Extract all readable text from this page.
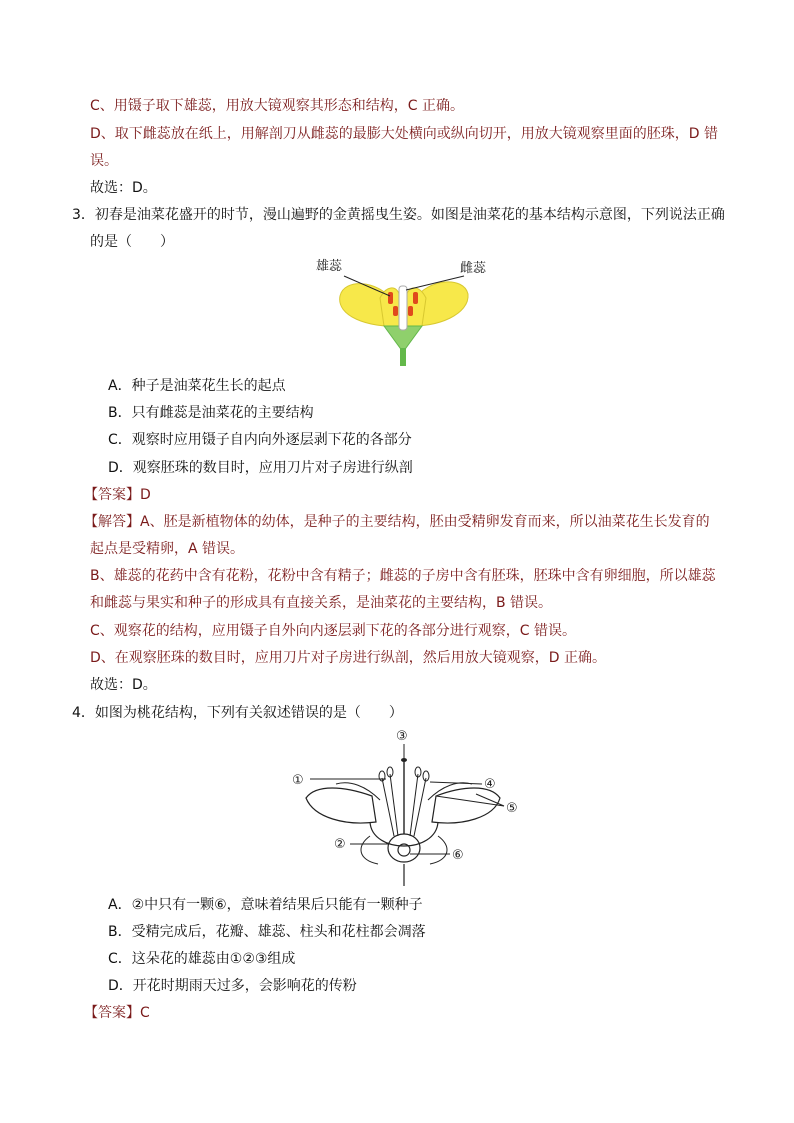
C、用镊子取下雄蕊，用放大镜观察其形态和结构，C 正确。
D、取下雌蕊放在纸上，用解剖刀从雌蕊的最膨大处横向或纵向切开，用放大镜观察里面的胚珠，D 错
误。
故选：D。
3．初春是油菜花盛开的时节，漫山遍野的金黄摇曳生姿。如图是油菜花的基本结构示意图，下列说法正确
的是（　　）
雄蕊	雌蕊
A．种子是油菜花生长的起点
B．只有雌蕊是油菜花的主要结构
C．观察时应用镊子自内向外逐层剥下花的各部分
D．观察胚珠的数目时，应用刀片对子房进行纵剖
【答案】D
【解答】A、胚是新植物体的幼体，是种子的主要结构，胚由受精卵发育而来，所以油菜花生长发育的
起点是受精卵，A 错误。
B、雄蕊的花药中含有花粉，花粉中含有精子；雌蕊的子房中含有胚珠，胚珠中含有卵细胞，所以雄蕊
和雌蕊与果实和种子的形成具有直接关系，是油菜花的主要结构，B 错误。
C、观察花的结构，应用镊子自外向内逐层剥下花的各部分进行观察，C 错误。
D、在观察胚珠的数目时，应用刀片对子房进行纵剖，然后用放大镜观察，D 正确。
故选：D。
4．如图为桃花结构，下列有关叙述错误的是（　　）
①
②
③
④
⑤
⑥
A．②中只有一颗⑥，意味着结果后只能有一颗种子
B．受精完成后，花瓣、雄蕊、柱头和花柱都会凋落
C．这朵花的雄蕊由①②③组成
D．开花时期雨天过多，会影响花的传粉
【答案】C
